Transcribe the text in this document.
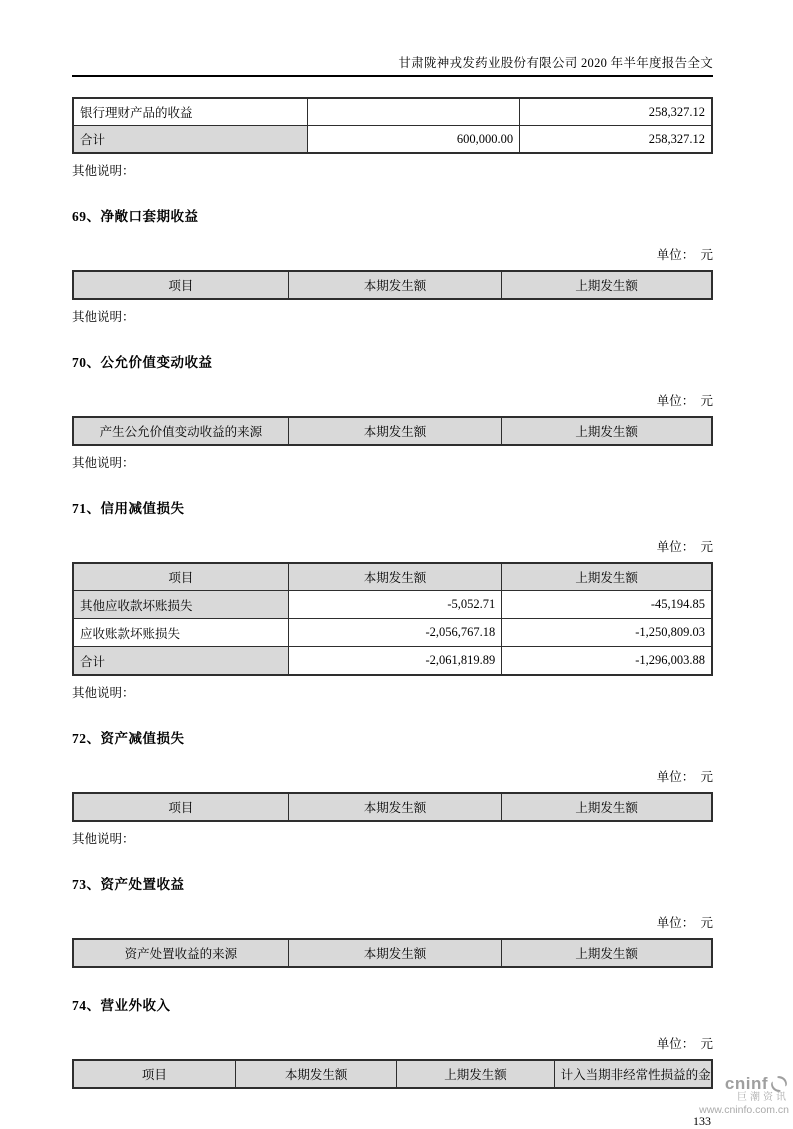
甘肃陇神戎发药业股份有限公司 2020 年半年度报告全文
银行理财产品的收益		258,327.12
合计	600,000.00	258,327.12
其他说明：
69、净敞口套期收益
单位：　元
项目	本期发生额	上期发生额
其他说明：
70、公允价值变动收益
单位：　元
产生公允价值变动收益的来源	本期发生额	上期发生额
其他说明：
71、信用减值损失
单位：　元
项目	本期发生额	上期发生额
其他应收款坏账损失	-5,052.71	-45,194.85
应收账款坏账损失	-2,056,767.18	-1,250,809.03
合计	-2,061,819.89	-1,296,003.88
其他说明：
72、资产减值损失
单位：　元
项目	本期发生额	上期发生额
其他说明：
73、资产处置收益
单位：　元
资产处置收益的来源	本期发生额	上期发生额
74、营业外收入
单位：　元
项目	本期发生额	上期发生额	计入当期非经常性损益的金
133
cninf
巨潮资讯
www.cninfo.com.cn
